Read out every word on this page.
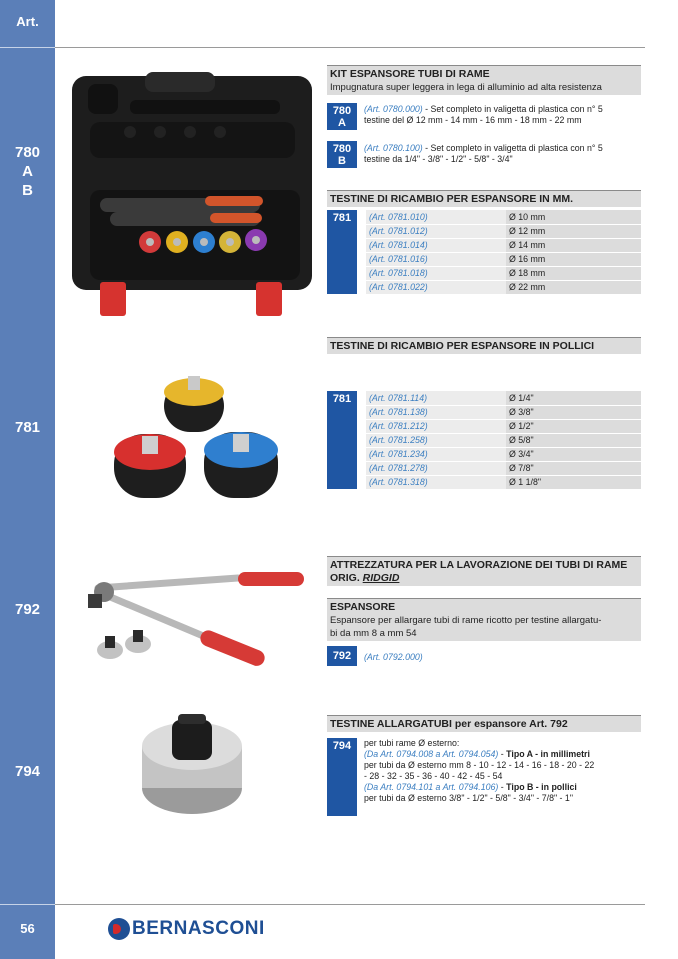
Art.
780
A
B
781
792
794
56	BERNASCONI
KIT ESPANSORE TUBI DI RAME
Impugnatura super leggera in lega di alluminio ad alta resistenza
780
A
(Art. 0780.000) - Set completo in valigetta di plastica con n° 5
testine del Ø 12 mm - 14 mm - 16 mm - 18 mm - 22 mm
780
B
(Art. 0780.100) - Set completo in valigetta di plastica con n° 5
testine da 1/4" - 3/8" - 1/2" - 5/8" - 3/4"
TESTINE DI RICAMBIO PER ESPANSORE IN MM.
781	(Art. 0781.010)	Ø 10 mm
(Art. 0781.012)	Ø 12 mm
(Art. 0781.014)	Ø 14 mm
(Art. 0781.016)	Ø 16 mm
(Art. 0781.018)	Ø 18 mm
(Art. 0781.022)	Ø 22 mm
TESTINE DI RICAMBIO PER ESPANSORE IN POLLICI
781	(Art. 0781.114)	Ø 1/4"
(Art. 0781.138)	Ø 3/8"
(Art. 0781.212)	Ø 1/2"
(Art. 0781.258)	Ø 5/8"
(Art. 0781.234)	Ø 3/4"
(Art. 0781.278)	Ø 7/8"
(Art. 0781.318)	Ø 1 1/8"
ATTREZZATURA PER LA LAVORAZIONE DEI TUBI DI RAME
ORIG. RIDGID
ESPANSORE
Espansore per allargare tubi di rame ricotto per testine allargatu-
bi da mm 8 a mm 54
792	(Art. 0792.000)
TESTINE ALLARGATUBI per espansore Art. 792
794	per tubi rame Ø esterno:
(Da Art. 0794.008 a Art. 0794.054) - Tipo A - in millimetri
per tubi da Ø esterno mm 8 - 10 - 12 - 14 - 16 - 18 - 20 - 22
- 28 - 32 - 35 - 36 - 40 - 42 - 45 - 54
(Da Art. 0794.101 a Art. 0794.106) - Tipo B - in pollici
per tubi da Ø esterno 3/8" - 1/2" - 5/8" - 3/4" - 7/8" - 1"
